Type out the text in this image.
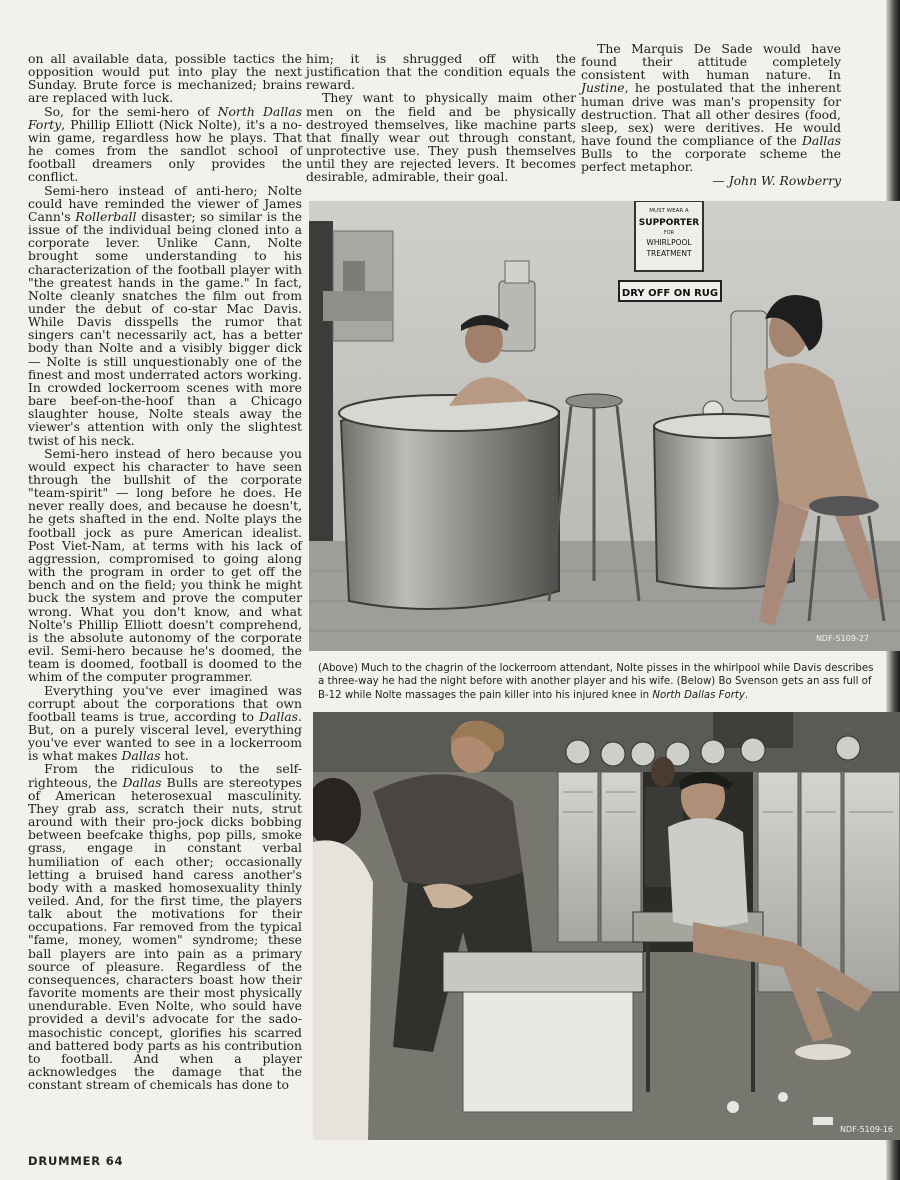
on all available data, possible tactics the opposition would put into play the next Sunday. Brute force is mechanized; brains are replaced with luck.

So, for the semi-hero of North Dallas Forty, Phillip Elliott (Nick Nolte), it's a no-win game, regardless how he plays. That he comes from the sandlot school of football dreamers only provides the conflict.

Semi-hero instead of anti-hero; Nolte could have reminded the viewer of James Cann's Rollerball disaster; so similar is the issue of the individual being cloned into a corporate lever. Unlike Cann, Nolte brought some understanding to his characterization of the football player with "the greatest hands in the game." In fact, Nolte cleanly snatches the film out from under the debut of co-star Mac Davis. While Davis disspells the rumor that singers can't necessarily act, has a better body than Nolte and a visibly bigger dick — Nolte is still unquestionably one of the finest and most underrated actors working. In crowded lockerroom scenes with more bare beef-on-the-hoof than a Chicago slaughter house, Nolte steals away the viewer's attention with only the slightest twist of his neck.

Semi-hero instead of hero because you would expect his character to have seen through the bullshit of the corporate "team-spirit" — long before he does. He never really does, and because he doesn't, he gets shafted in the end. Nolte plays the football jock as pure American idealist. Post Viet-Nam, at terms with his lack of aggression, compromised to going along with the program in order to get off the bench and on the field; you think he might buck the system and prove the computer wrong. What you don't know, and what Nolte's Phillip Elliott doesn't comprehend, is the absolute autonomy of the corporate evil. Semi-hero because he's doomed, the team is doomed, football is doomed to the whim of the computer programmer.

Everything you've ever imagined was corrupt about the corporations that own football teams is true, according to Dallas. But, on a purely visceral level, everything you've ever wanted to see in a lockerroom is what makes Dallas hot.

From the ridiculous to the self-righteous, the Dallas Bulls are stereotypes of American heterosexual masculinity. They grab ass, scratch their nuts, strut around with their pro-jock dicks bobbing between beefcake thighs, pop pills, smoke grass, engage in constant verbal humiliation of each other; occasionally letting a bruised hand caress another's body with a masked homosexuality thinly veiled. And, for the first time, the players talk about the motivations for their occupations. Far removed from the typical "fame, money, women" syndrome; these ball players are into pain as a primary source of pleasure. Regardless of the consequences, characters boast how their favorite moments are their most physically unendurable. Even Nolte, who sould have provided a devil's advocate for the sado-masochistic concept, glorifies his scarred and battered body parts as his contribution to football. And when a player acknowledges the damage that the constant stream of chemicals has done to

him; it is shrugged off with the justification that the condition equals the reward.

They want to physically maim other men on the field and be physically destroyed themselves, like machine parts that finally wear out through constant, unprotective use. They push themselves until they are rejected levers. It becomes desirable, admirable, their goal.

The Marquis De Sade would have found their attitude completely consistent with human nature. In Justine, he postulated that the inherent human drive was man's propensity for destruction. That all other desires (food, sleep, sex) were deritives. He would have found the compliance of the Dallas Bulls to the corporate scheme the perfect metaphor.

— John W. Rowberry
MUST WEAR A
SUPPORTER
FOR
WHIRLPOOL
TREATMENT
DRY OFF ON RUG
NDF-5109-27
(Above) Much to the chagrin of the lockerroom attendant, Nolte pisses in the whirlpool while Davis describes
a three-way he had the night before with another player and his wife. (Below) Bo Svenson gets an ass full of
B-12 while Nolte massages the pain killer into his injured knee in North Dallas Forty.
NDF-5109-16
DRUMMER 64
